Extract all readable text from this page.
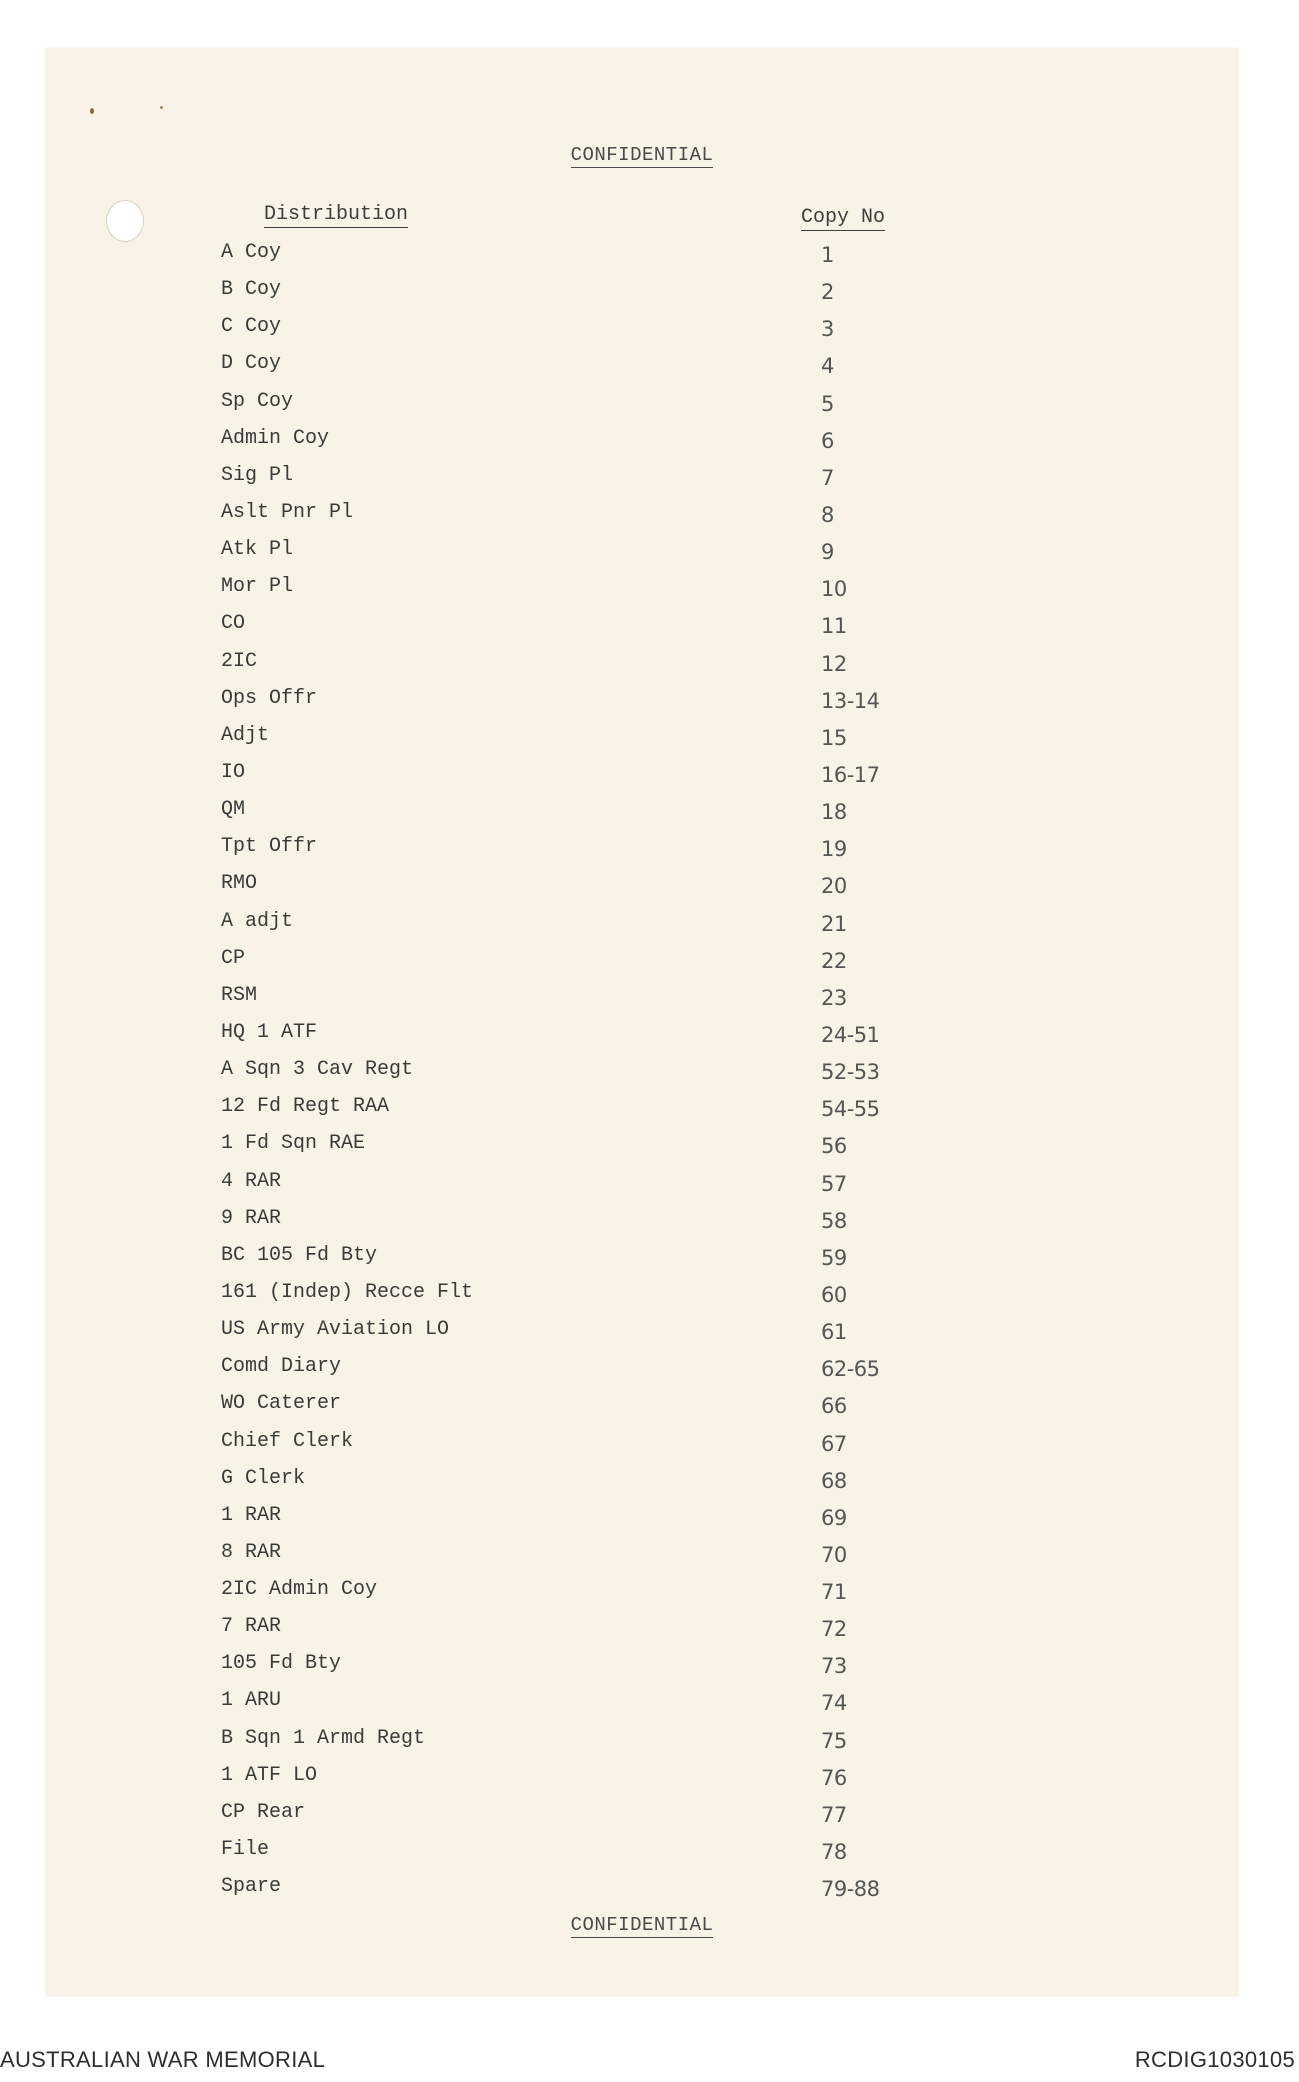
CONFIDENTIAL
Distribution	Copy No
A Coy	1
B Coy	2
C Coy	3
D Coy	4
Sp Coy	5
Admin Coy	6
Sig Pl	7
Aslt Pnr Pl	8
Atk Pl	9
Mor Pl	10
CO	11
2IC	12
Ops Offr	13-14
Adjt	15
IO	16-17
QM	18
Tpt Offr	19
RMO	20
A adjt	21
CP	22
RSM	23
HQ 1 ATF	24-51
A Sqn 3 Cav Regt	52-53
12 Fd Regt RAA	54-55
1 Fd Sqn RAE	56
4 RAR	57
9 RAR	58
BC 105 Fd Bty	59
161 (Indep) Recce Flt	60
US Army Aviation LO	61
Comd Diary	62-65
WO Caterer	66
Chief Clerk	67
G Clerk	68
1 RAR	69
8 RAR	70
2IC Admin Coy	71
7 RAR	72
105 Fd Bty	73
1 ARU	74
B Sqn 1 Armd Regt	75
1 ATF LO	76
CP Rear	77
File	78
Spare	79-88
CONFIDENTIAL
AUSTRALIAN WAR MEMORIAL	RCDIG1030105
